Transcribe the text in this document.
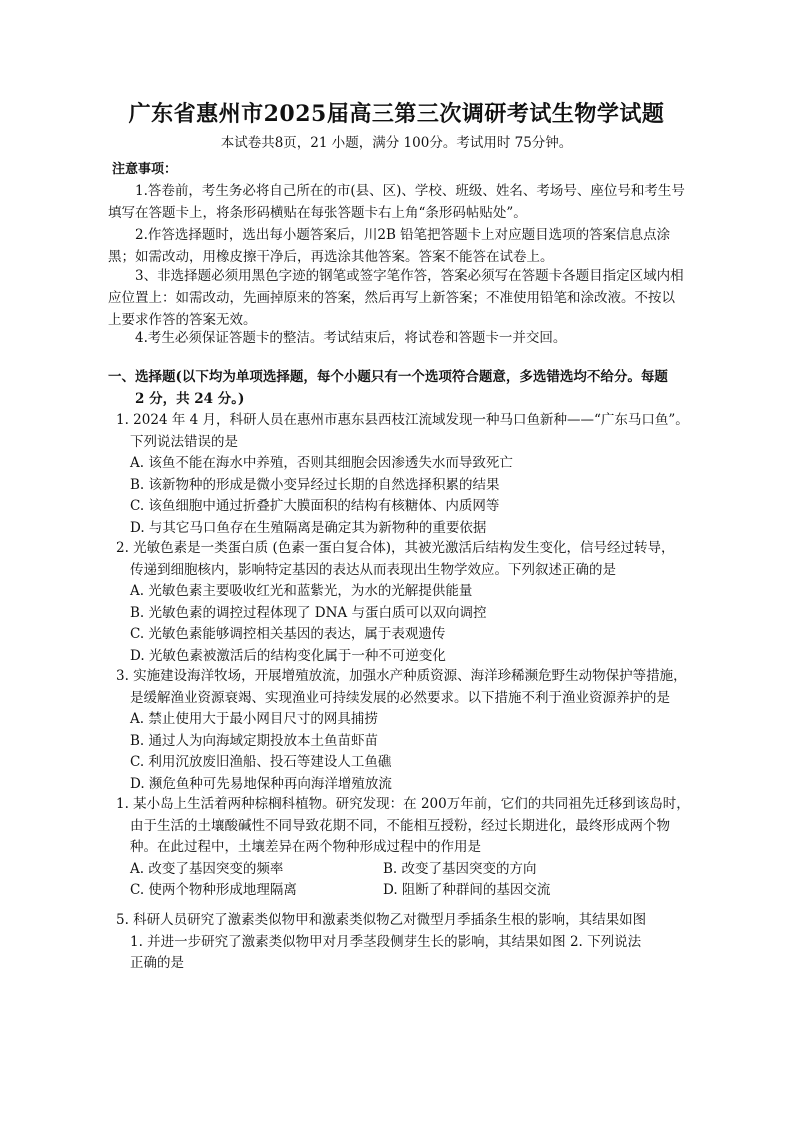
广东省惠州市2025届高三第三次调研考试生物学试题
本试卷共8页，21 小题，满分 100分。考试用时 75分钟。
注意事项：
1.答卷前，考生务必将自己所在的市(县、区)、学校、班级、姓名、考场号、座位号和考生号填写在答题卡上，将条形码横贴在每张答题卡右上角“条形码帖贴处”。
2.作答选择题时，选出每小题答案后，川2B 铅笔把答题卡上对应题目选项的答案信息点涂黑；如需改动，用橡皮擦干净后，再选涂其他答案。答案不能答在试卷上。
3、非选择题必须用黑色字迹的钢笔或签字笔作答，答案必须写在答题卡各题目指定区域内相应位置上：如需改动，先画掉原来的答案，然后再写上新答案；不准使用铅笔和涂改液。不按以上要求作答的答案无效。
4.考生必须保证答题卡的整洁。考试结束后，将试卷和答题卡一并交回。
一、选择题(以下均为单项选择题，每个小题只有一个选项符合题意，多选错选均不给分。每题
2 分，共 24 分。)
1. 2024 年 4 月，科研人员在惠州市惠东县西枝江流域发现一种马口鱼新种——“广东马口鱼”。
下列说法错误的是
A. 该鱼不能在海水中养殖，否则其细胞会因渗透失水而导致死亡
B. 该新物种的形成是微小变异经过长期的自然选择积累的结果
C. 该鱼细胞中通过折叠扩大膜面积的结构有核糖体、内质网等
D. 与其它马口鱼存在生殖隔离是确定其为新物种的重要依据
2. 光敏色素是一类蛋白质 (色素一蛋白复合体)，其被光激活后结构发生变化，信号经过转导，
传递到细胞核内，影响特定基因的表达从而表现出生物学效应。下列叙述正确的是
A. 光敏色素主要吸收红光和蓝紫光，为水的光解提供能量
B. 光敏色素的调控过程体现了 DNA 与蛋白质可以双向调控
C. 光敏色素能够调控相关基因的表达，属于表观遗传
D. 光敏色素被激活后的结构变化属于一种不可逆变化
3. 实施建设海洋牧场，开展增殖放流，加强水产种质资源、海洋珍稀濒危野生动物保护等措施，
是缓解渔业资源衰竭、实现渔业可持续发展的必然要求。以下措施不利于渔业资源养护的是
A. 禁止使用大于最小网目尺寸的网具捕捞
B. 通过人为向海域定期投放本土鱼苗虾苗
C. 利用沉放废旧渔船、投石等建设人工鱼礁
D. 濒危鱼种可先易地保种再向海洋增殖放流
1. 某小岛上生活着两种棕榈科植物。研究发现：在 200万年前，它们的共同祖先迁移到该岛时，
由于生活的土壤酸碱性不同导致花期不同，不能相互授粉，经过长期进化，最终形成两个物
种。在此过程中，土壤差异在两个物种形成过程中的作用是
A. 改变了基因突变的频率	B. 改变了基因突变的方向
C. 使两个物种形成地理隔离	D. 阻断了种群间的基因交流
5. 科研人员研究了激素类似物甲和激素类似物乙对微型月季插条生根的影响，其结果如图
1. 并进一步研究了激素类似物甲对月季茎段侧芽生长的影响，其结果如图 2. 下列说法
正确的是
